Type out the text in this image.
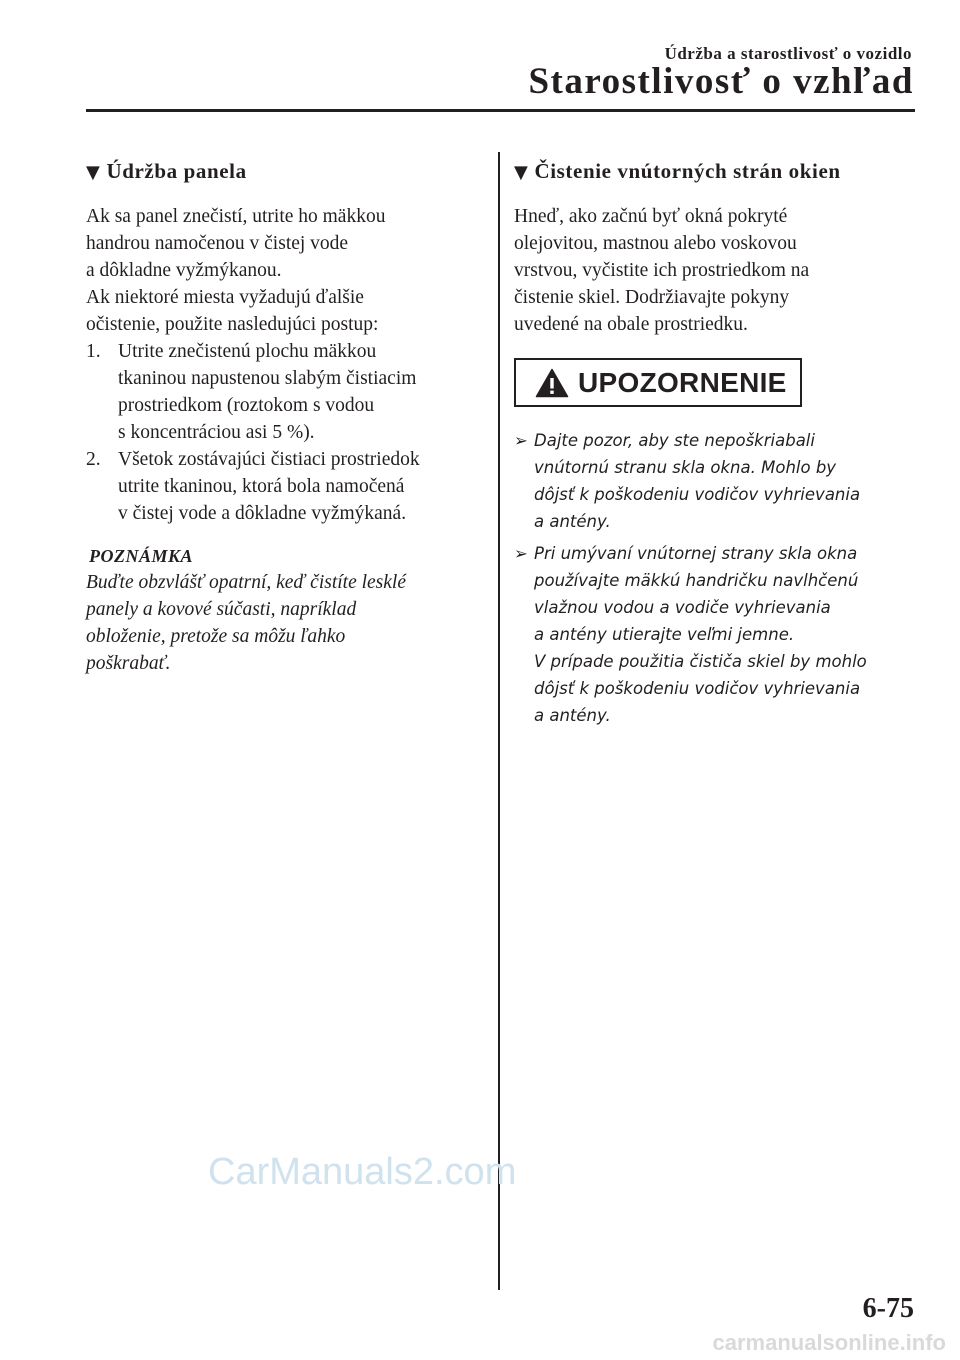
Údržba a starostlivosť o vozidlo
Starostlivosť o vzhľad
▼ Údržba panela

Ak sa panel znečistí, utrite ho mäkkou
handrou namočenou v čistej vode
a dôkladne vyžmýkanou.
Ak niektoré miesta vyžadujú ďalšie
očistenie, použite nasledujúci postup:

1. Utrite znečistenú plochu mäkkou
tkaninou napustenou slabým čistiacim
prostriedkom (roztokom s vodou
s koncentráciou asi 5 %).
2. Všetok zostávajúci čistiaci prostriedok
utrite tkaninou, ktorá bola namočená
v čistej vode a dôkladne vyžmýkaná.
POZNÁMKA

Buďte obzvlášť opatrní, keď čistíte lesklé
panely a kovové súčasti, napríklad
obloženie, pretože sa môžu ľahko
poškrabať.

▼ Čistenie vnútorných strán okien

Hneď, ako začnú byť okná pokryté
olejovitou, mastnou alebo voskovou
vrstvou, vyčistite ich prostriedkom na
čistenie skiel. Dodržiavajte pokyny
uvedené na obale prostriedku.

UPOZORNENIE
➢ Dajte pozor, aby ste nepoškriabali
vnútornú stranu skla okna. Mohlo by
dôjsť k poškodeniu vodičov vyhrievania
a antény.
➢ Pri umývaní vnútornej strany skla okna
používajte mäkkú handričku navlhčenú
vlažnou vodou a vodiče vyhrievania
a antény utierajte veľmi jemne.
V prípade použitia čističa skiel by mohlo
dôjsť k poškodeniu vodičov vyhrievania
a antény.
CarManuals2.com
6-75
carmanualsonline.info
